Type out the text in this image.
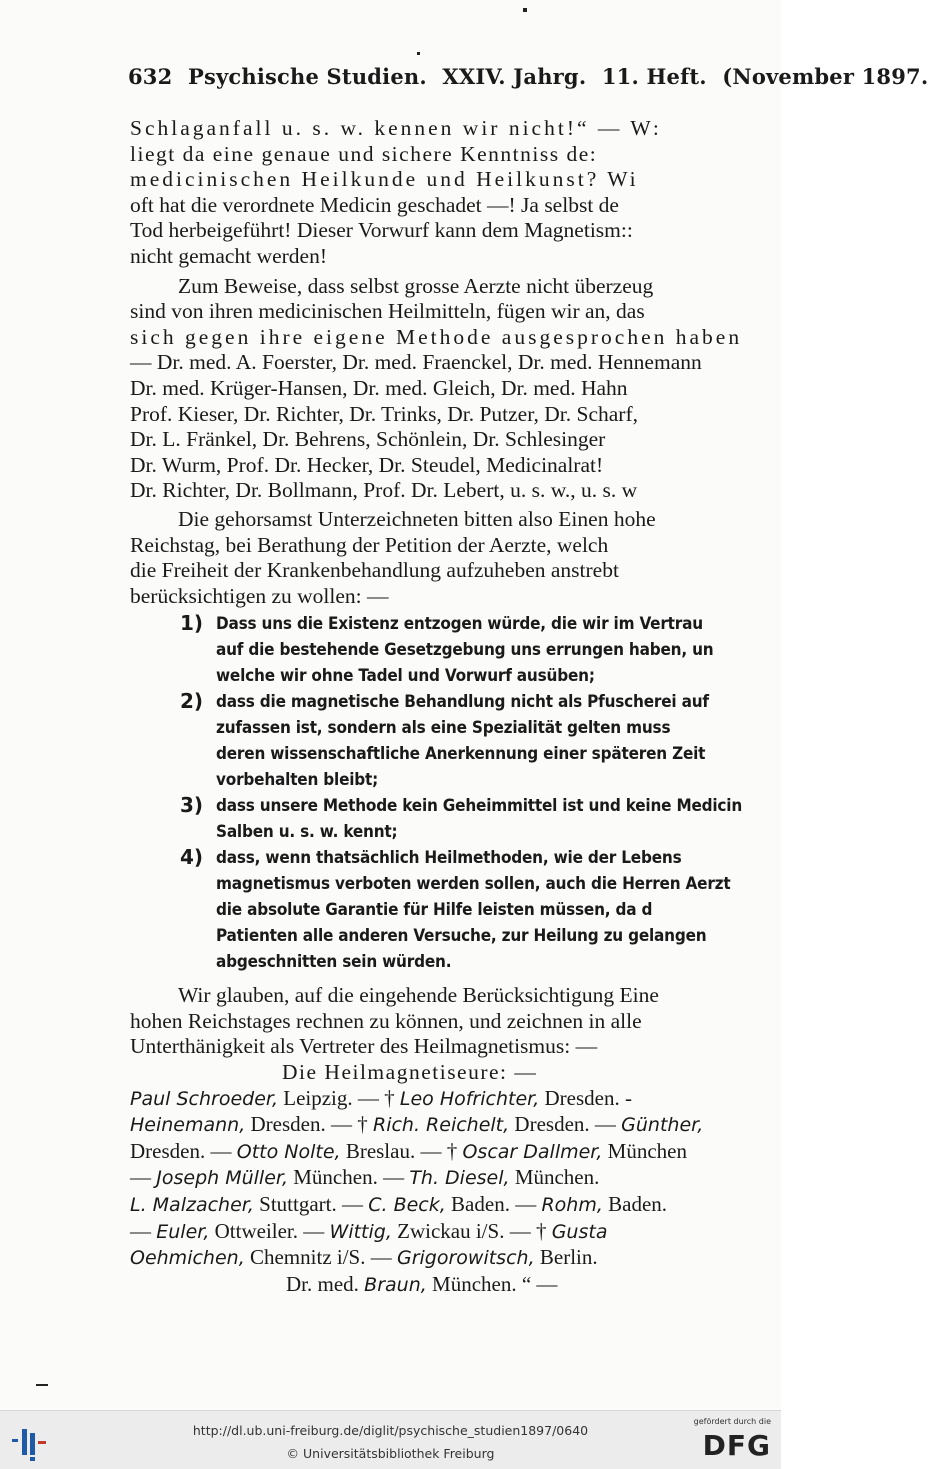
632 Psychische Studien. XXIV. Jahrg. 11. Heft. (November 1897.
Schlaganfall u. s. w. kennen wir nicht!“ — W:
liegt da eine genaue und sichere Kenntniss de:
medicinischen Heilkunde und Heilkunst? Wi
oft hat die verordnete Medicin geschadet —! Ja selbst de
Tod herbeigeführt! Dieser Vorwurf kann dem Magnetism::
nicht gemacht werden!
Zum Beweise, dass selbst grosse Aerzte nicht überzeug
sind von ihren medicinischen Heilmitteln, fügen wir an, das
sich gegen ihre eigene Methode ausgesprochen haben
— Dr. med. A. Foerster, Dr. med. Fraenckel, Dr. med. Hennemann
Dr. med. Krüger-Hansen, Dr. med. Gleich, Dr. med. Hahn
Prof. Kieser, Dr. Richter, Dr. Trinks, Dr. Putzer, Dr. Scharf,
Dr. L. Fränkel, Dr. Behrens, Schönlein, Dr. Schlesinger
Dr. Wurm, Prof. Dr. Hecker, Dr. Steudel, Medicinalrat!
Dr. Richter, Dr. Bollmann, Prof. Dr. Lebert, u. s. w., u. s. w
Die gehorsamst Unterzeichneten bitten also Einen hohe
Reichstag, bei Berathung der Petition der Aerzte, welch
die Freiheit der Krankenbehandlung aufzuheben anstrebt
berücksichtigen zu wollen: —
1) Dass uns die Existenz entzogen würde, die wir im Vertrau
auf die bestehende Gesetzgebung uns errungen haben, un
welche wir ohne Tadel und Vorwurf ausüben;
2) dass die magnetische Behandlung nicht als Pfuscherei auf
zufassen ist, sondern als eine Spezialität gelten muss
deren wissenschaftliche Anerkennung einer späteren Zeit
vorbehalten bleibt;
3) dass unsere Methode kein Geheimmittel ist und keine Medicin
Salben u. s. w. kennt;
4) dass, wenn thatsächlich Heilmethoden, wie der Lebens
magnetismus verboten werden sollen, auch die Herren Aerzt
die absolute Garantie für Hilfe leisten müssen, da d
Patienten alle anderen Versuche, zur Heilung zu gelangen
abgeschnitten sein würden.
Wir glauben, auf die eingehende Berücksichtigung Eine
hohen Reichstages rechnen zu können, und zeichnen in alle
Unterthänigkeit als Vertreter des Heilmagnetismus: —
Die Heilmagnetiseure: —
Paul Schroeder, Leipzig. — † Leo Hofrichter, Dresden. -
Heinemann, Dresden. — † Rich. Reichelt, Dresden. — Günther,
Dresden. — Otto Nolte, Breslau. — † Oscar Dallmer, München
— Joseph Müller, München. — Th. Diesel, München.
L. Malzacher, Stuttgart. — C. Beck, Baden. — Rohm, Baden.
— Euler, Ottweiler. — Wittig, Zwickau i/S. — † Gusta
Oehmichen, Chemnitz i/S. — Grigorowitsch, Berlin.
Dr. med. Braun, München. “ —
http://dl.ub.uni-freiburg.de/diglit/psychische_studien1897/0640
© Universitätsbibliothek Freiburg
gefördert durch die
DFG
